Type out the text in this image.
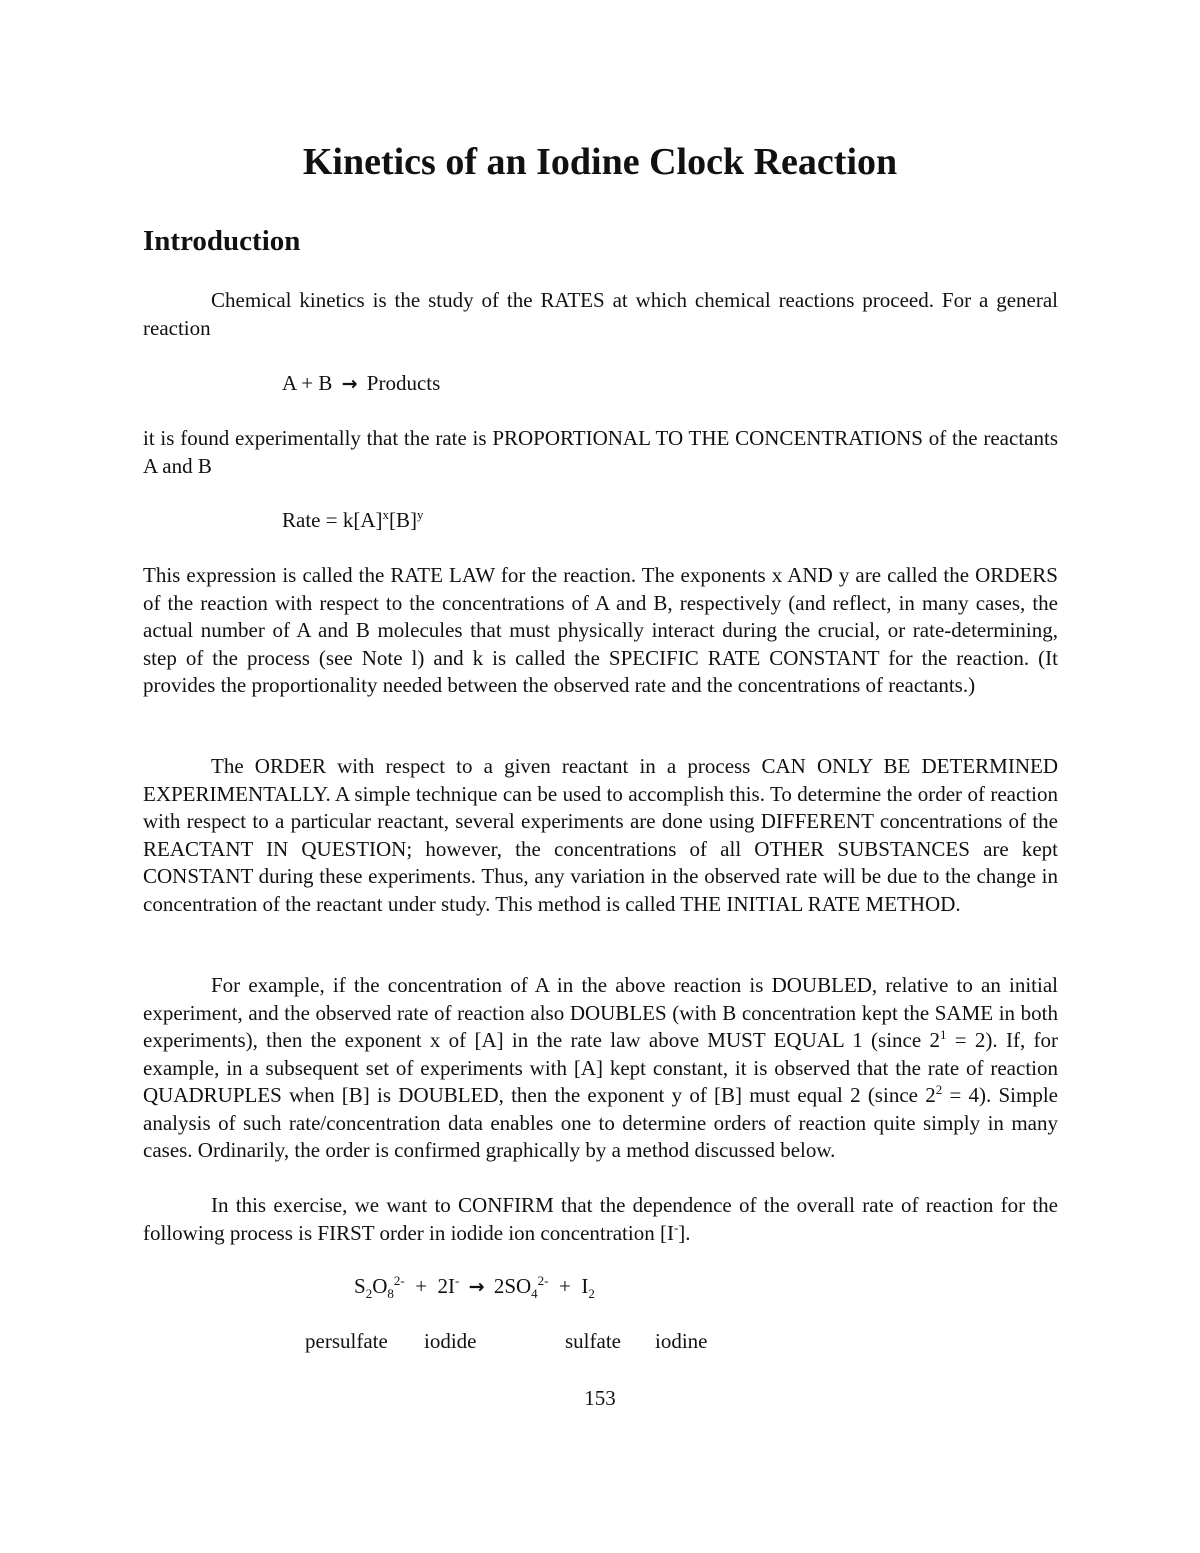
Kinetics of an Iodine Clock Reaction
Introduction

Chemical kinetics is the study of the RATES at which chemical reactions proceed. For a general reaction

A + B → Products

it is found experimentally that the rate is PROPORTIONAL TO THE CONCENTRATIONS of the reactants A and B

Rate = $k[A]^x[B]^y$

This expression is called the RATE LAW for the reaction. The exponents x AND y are called the ORDERS of the reaction with respect to the concentrations of A and B, respectively (and reflect, in many cases, the actual number of A and B molecules that must physically interact during the crucial, or rate-determining, step of the process (see Note l) and k is called the SPECIFIC RATE CONSTANT for the reaction. (It provides the proportionality needed between the observed rate and the concentrations of reactants.)

The ORDER with respect to a given reactant in a process CAN ONLY BE DETERMINED EXPERIMENTALLY. A simple technique can be used to accomplish this. To determine the order of reaction with respect to a particular reactant, several experiments are done using DIFFERENT concentrations of the REACTANT IN QUESTION; however, the concentrations of all OTHER SUBSTANCES are kept CONSTANT during these experiments. Thus, any variation in the observed rate will be due to the change in concentration of the reactant under study. This method is called THE INITIAL RATE METHOD.

For example, if the concentration of A in the above reaction is DOUBLED, relative to an initial experiment, and the observed rate of reaction also DOUBLES (with B concentration kept the SAME in both experiments), then the exponent x of [A] in the rate law above MUST EQUAL 1 (since $2^1 = 2$). If, for example, in a subsequent set of experiments with [A] kept constant, it is observed that the rate of reaction QUADRUPLES when [B] is DOUBLED, then the exponent y of [B] must equal 2 (since $2^2 = 4$). Simple analysis of such rate/concentration data enables one to determine orders of reaction quite simply in many cases. Ordinarily, the order is confirmed graphically by a method discussed below.

In this exercise, we want to CONFIRM that the dependence of the overall rate of reaction for the following process is FIRST order in iodide ion concentration [I-].

$S_2O_8^{2-} + 2I^- \to 2SO_4^{2-} + I_2$
persulfate iodide	sulfate iodine

153
